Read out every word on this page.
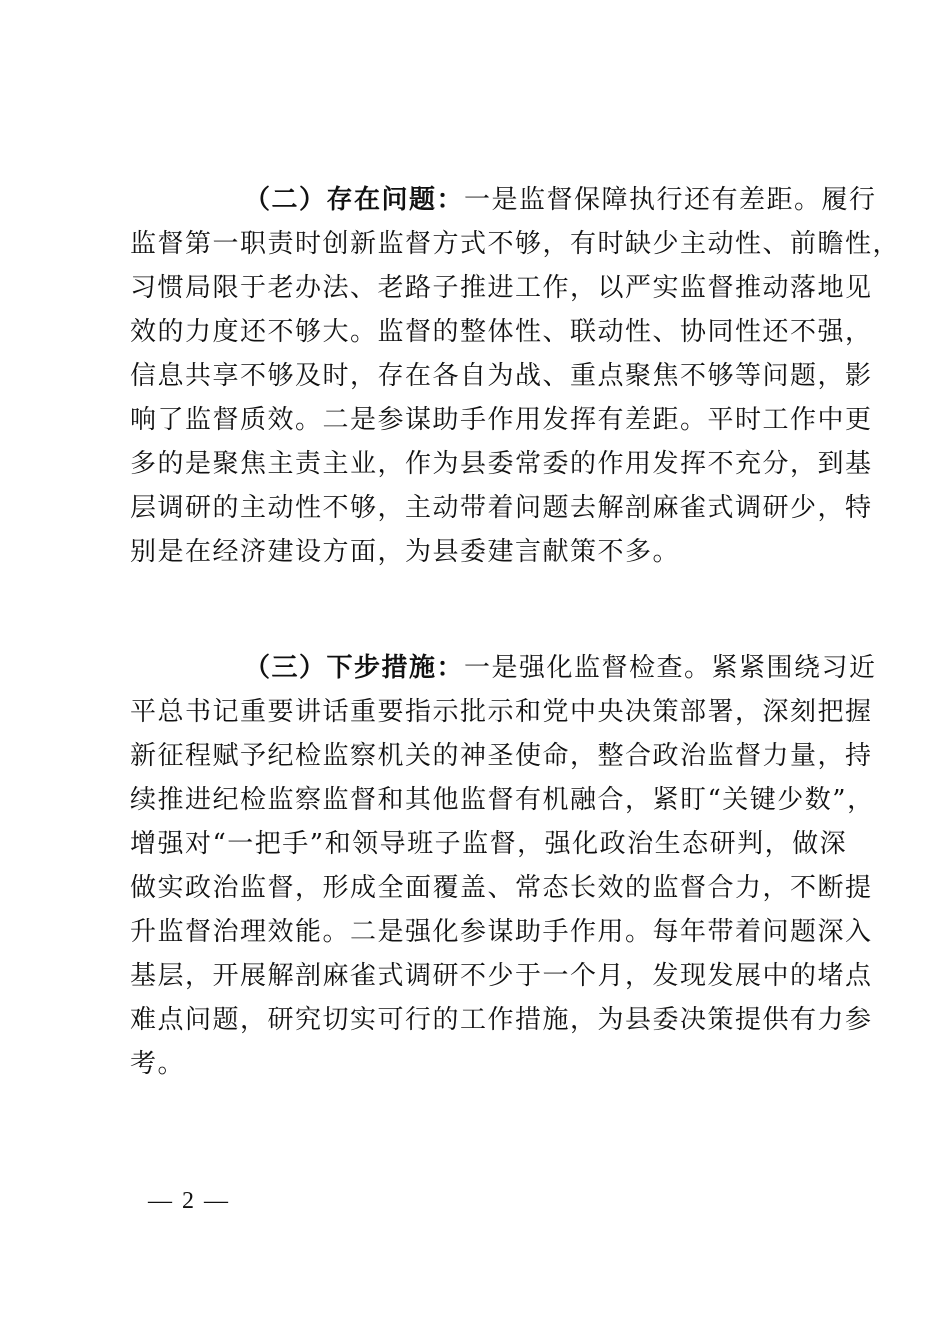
（二）存在问题：一是监督保障执行还有差距。履行
监督第一职责时创新监督方式不够，有时缺少主动性、前瞻性，
习惯局限于老办法、老路子推进工作，以严实监督推动落地见
效的力度还不够大。监督的整体性、联动性、协同性还不强，
信息共享不够及时，存在各自为战、重点聚焦不够等问题，影
响了监督质效。二是参谋助手作用发挥有差距。平时工作中更
多的是聚焦主责主业，作为县委常委的作用发挥不充分，到基
层调研的主动性不够，主动带着问题去解剖麻雀式调研少，特
别是在经济建设方面，为县委建言献策不多。
（三）下步措施：一是强化监督检查。紧紧围绕习近
平总书记重要讲话重要指示批示和党中央决策部署，深刻把握
新征程赋予纪检监察机关的神圣使命，整合政治监督力量，持
续推进纪检监察监督和其他监督有机融合，紧盯“关键少数”，
增强对“一把手”和领导班子监督，强化政治生态研判，做深
做实政治监督，形成全面覆盖、常态长效的监督合力，不断提
升监督治理效能。二是强化参谋助手作用。每年带着问题深入
基层，开展解剖麻雀式调研不少于一个月，发现发展中的堵点
难点问题，研究切实可行的工作措施，为县委决策提供有力参
考。
— 2 —
